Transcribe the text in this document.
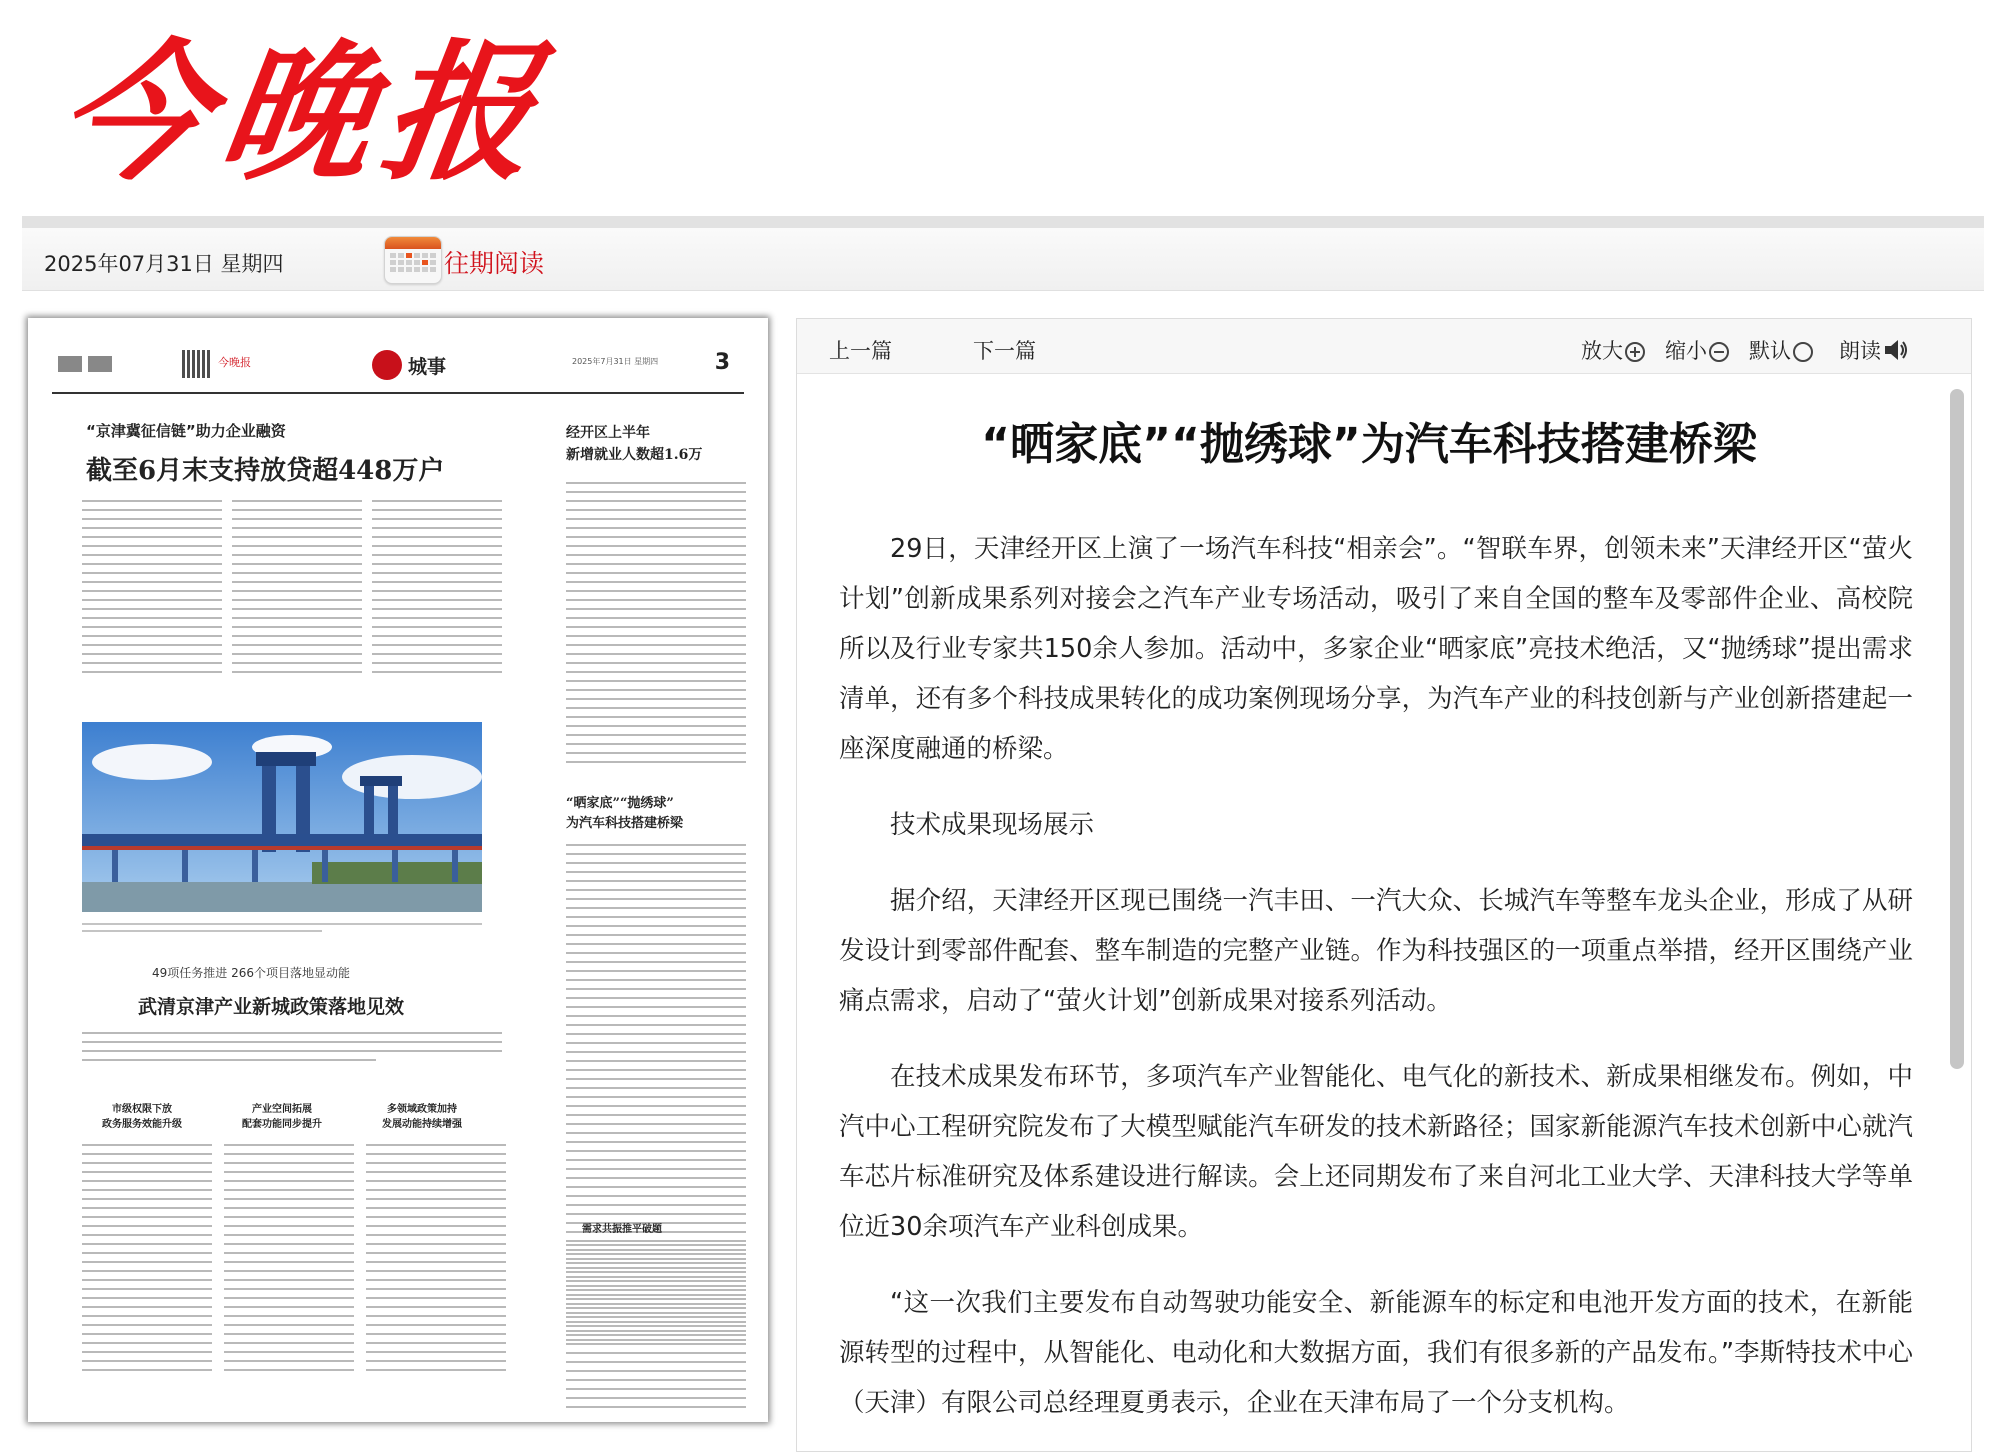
今晚报
2025年07月31日 星期四	往期阅读
今晚报	城事	2025年7月31日 星期四	3
“京津冀征信链”助力企业融资
截至6月末支持放贷超448万户
经开区上半年
新增就业人数超1.6万
“晒家底”“抛绣球”
为汽车科技搭建桥梁
49项任务推进 266个项目落地显动能
武清京津产业新城政策落地见效
市级权限下放
政务服务效能升级
产业空间拓展
配套功能同步提升
多领域政策加持
发展动能持续增强
需求共振推平破题
上一篇	下一篇	放大	缩小	默认	朗读
“晒家底”“抛绣球”为汽车科技搭建桥梁

29日，天津经开区上演了一场汽车科技“相亲会”。“智联车界，创领未来”天津经开区“萤火计划”创新成果系列对接会之汽车产业专场活动，吸引了来自全国的整车及零部件企业、高校院所以及行业专家共150余人参加。活动中，多家企业“晒家底”亮技术绝活，又“抛绣球”提出需求清单，还有多个科技成果转化的成功案例现场分享，为汽车产业的科技创新与产业创新搭建起一座深度融通的桥梁。

技术成果现场展示

据介绍，天津经开区现已围绕一汽丰田、一汽大众、长城汽车等整车龙头企业，形成了从研发设计到零部件配套、整车制造的完整产业链。作为科技强区的一项重点举措，经开区围绕产业痛点需求，启动了“萤火计划”创新成果对接系列活动。

在技术成果发布环节，多项汽车产业智能化、电气化的新技术、新成果相继发布。例如，中汽中心工程研究院发布了大模型赋能汽车研发的技术新路径；国家新能源汽车技术创新中心就汽车芯片标准研究及体系建设进行解读。会上还同期发布了来自河北工业大学、天津科技大学等单位近30余项汽车产业科创成果。

“这一次我们主要发布自动驾驶功能安全、新能源车的标定和电池开发方面的技术，在新能源转型的过程中，从智能化、电动化和大数据方面，我们有很多新的产品发布。”李斯特技术中心（天津）有限公司总经理夏勇表示，企业在天津布局了一个分支机构。
